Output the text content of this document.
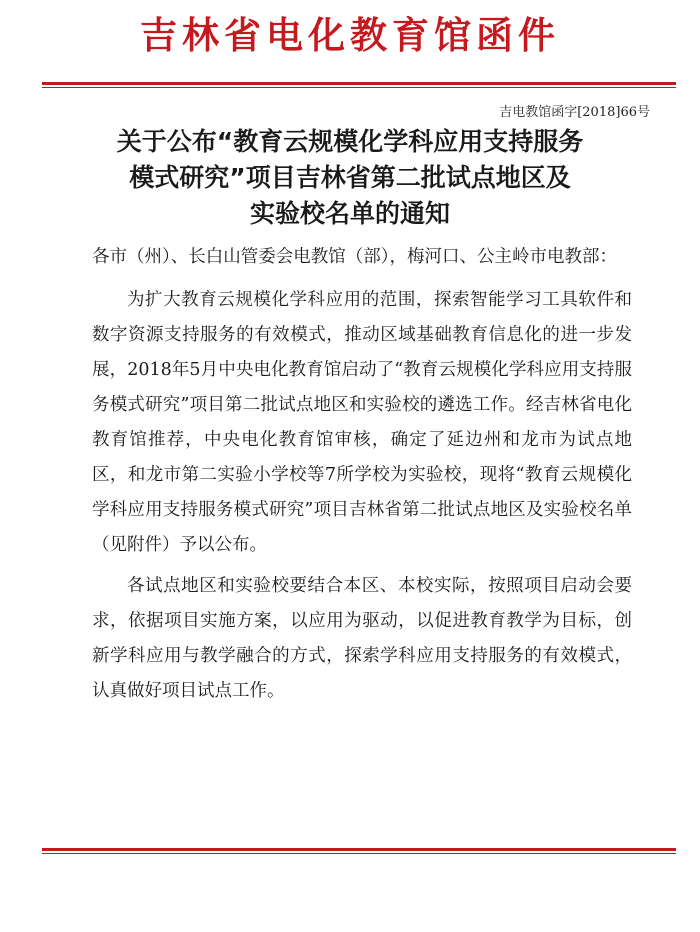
吉林省电化教育馆函件
吉电教馆函字[2018]66号
关于公布“教育云规模化学科应用支持服务
模式研究”项目吉林省第二批试点地区及
实验校名单的通知

各市（州）、长白山管委会电教馆（部），梅河口、公主岭市电教部：

为扩大教育云规模化学科应用的范围，探索智能学习工具软件和数字资源支持服务的有效模式，推动区域基础教育信息化的进一步发展，2018年5月中央电化教育馆启动了“教育云规模化学科应用支持服务模式研究”项目第二批试点地区和实验校的遴选工作。经吉林省电化教育馆推荐，中央电化教育馆审核，确定了延边州和龙市为试点地区，和龙市第二实验小学校等7所学校为实验校，现将“教育云规模化学科应用支持服务模式研究”项目吉林省第二批试点地区及实验校名单（见附件）予以公布。

各试点地区和实验校要结合本区、本校实际，按照项目启动会要求，依据项目实施方案，以应用为驱动，以促进教育教学为目标，创新学科应用与教学融合的方式，探索学科应用支持服务的有效模式，认真做好项目试点工作。
